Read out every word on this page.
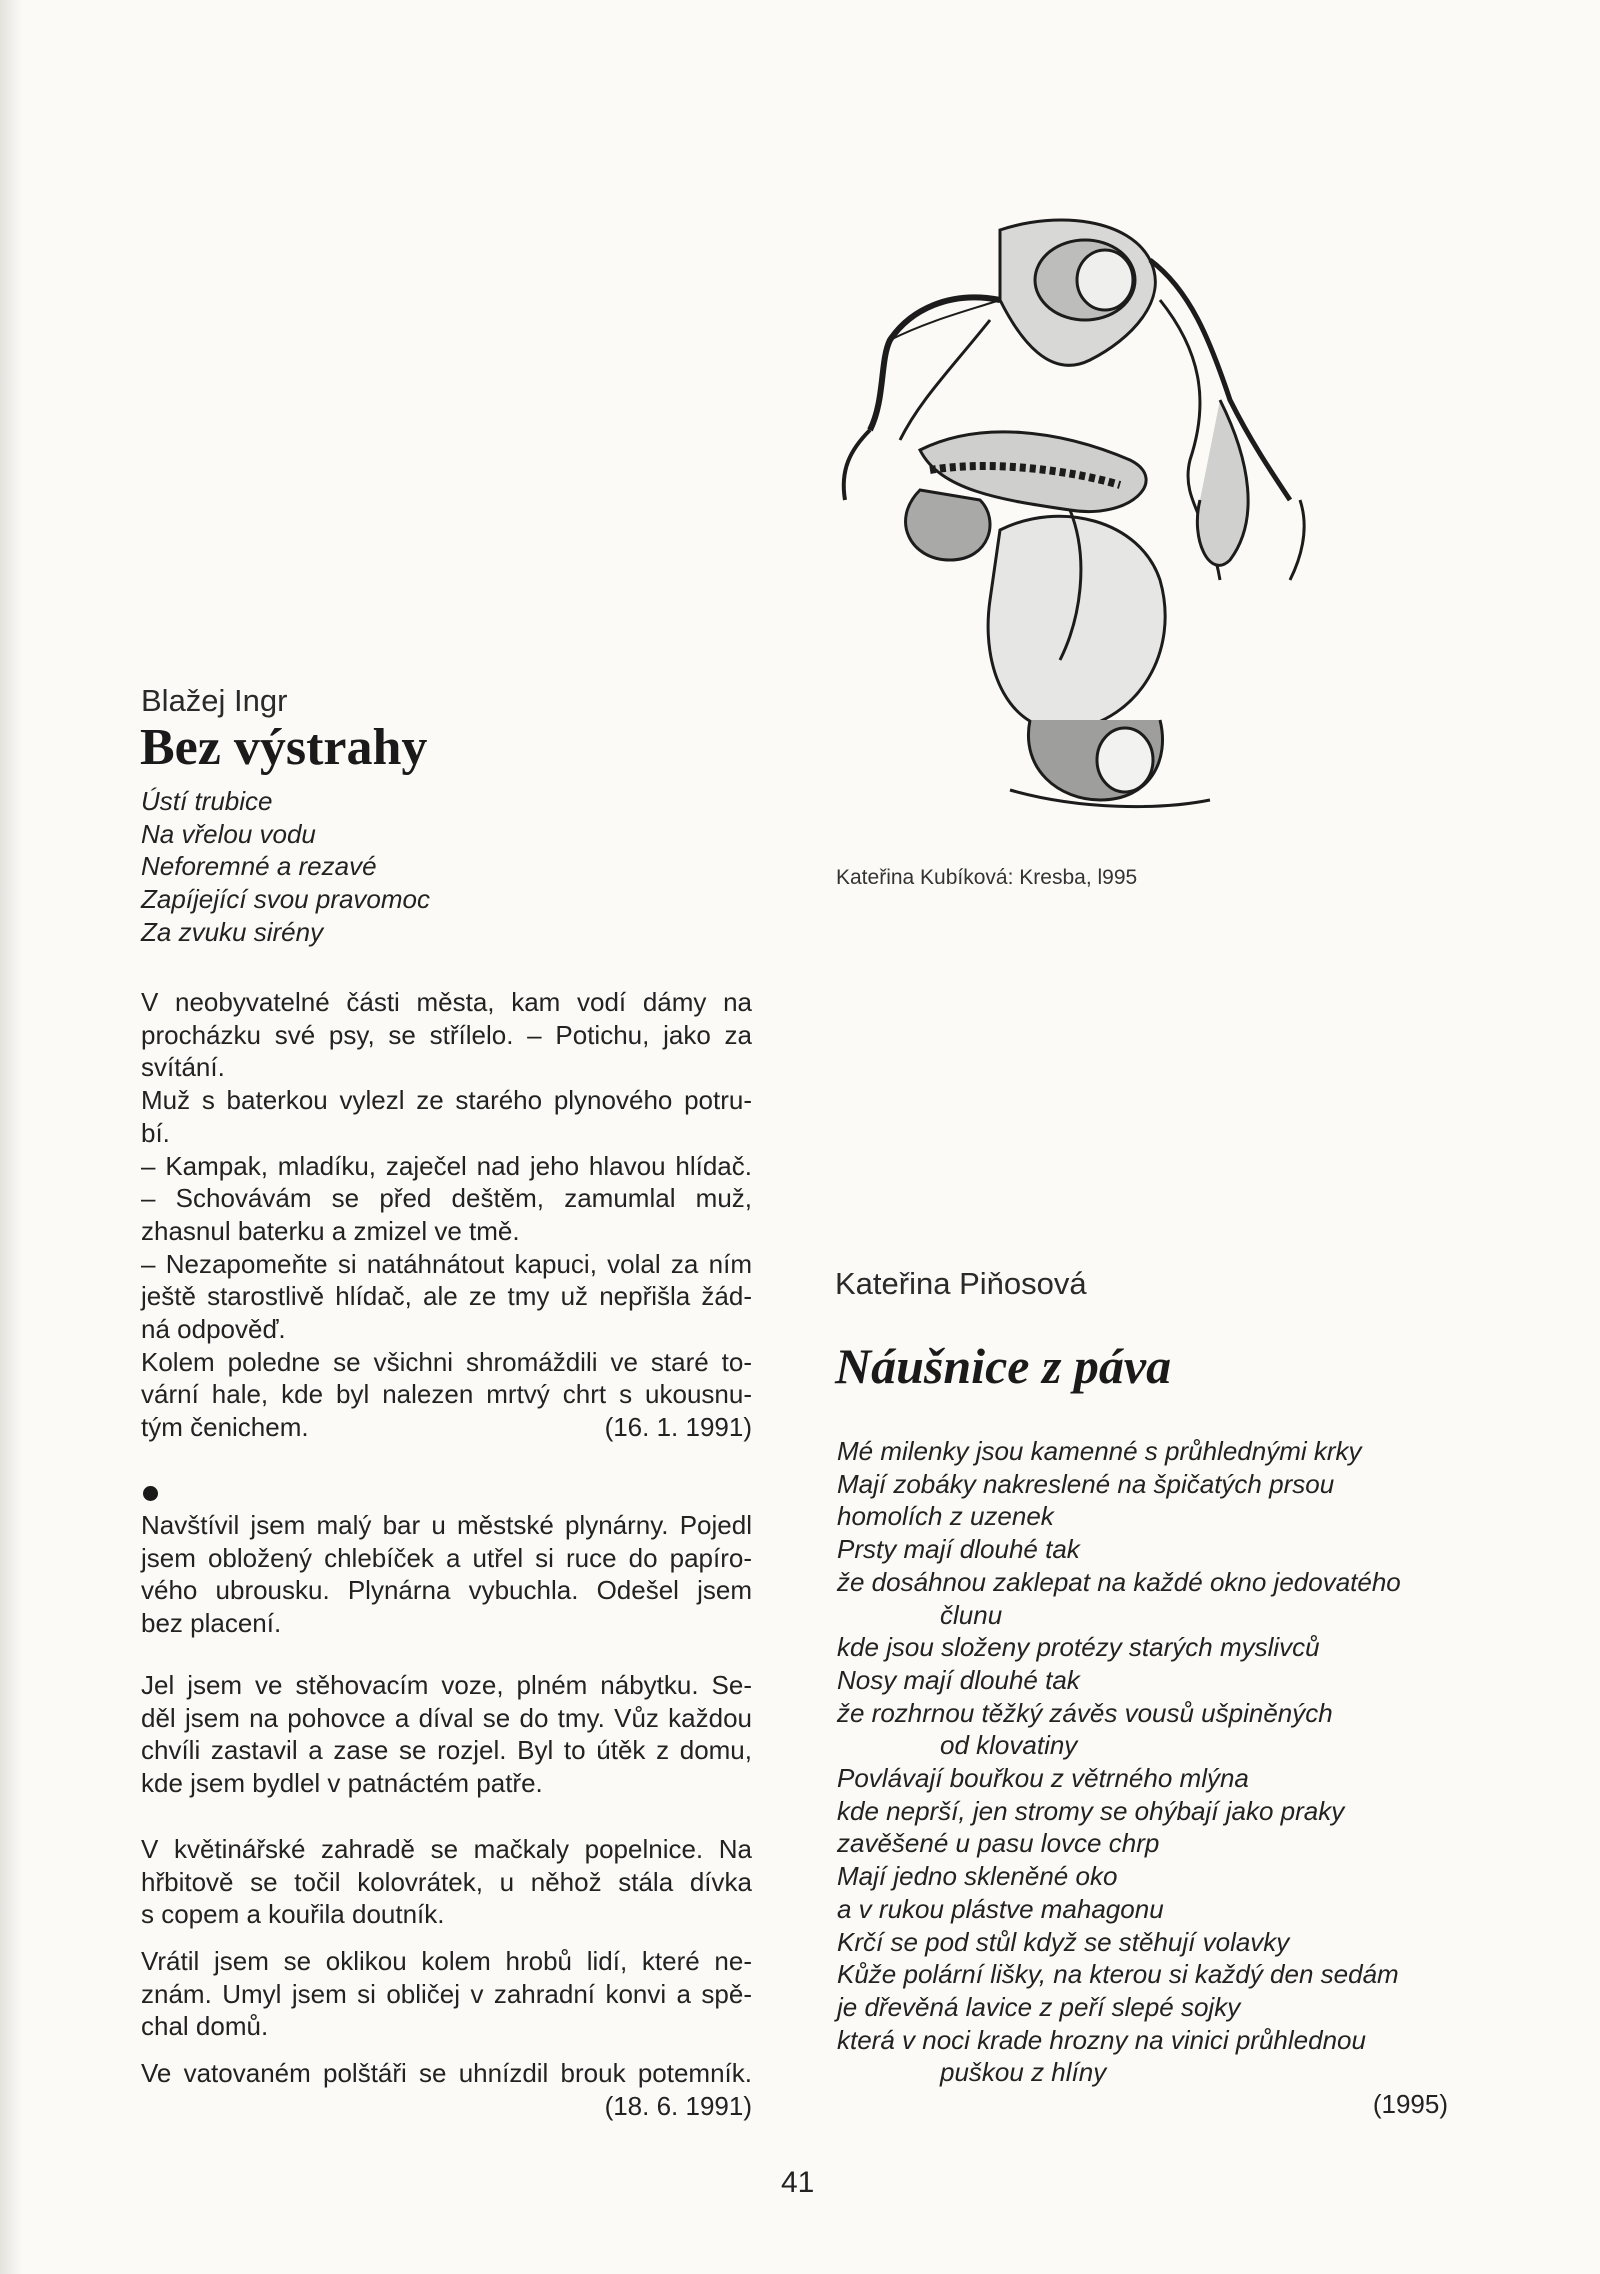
Blažej Ingr
Bez výstrahy
Ústí trubice
Na vřelou vodu
Neforemné a rezavé
Zapíjející svou pravomoc
Za zvuku sirény
V neobyvatelné části města, kam vodí dámy na
procházku své psy, se střílelo. – Potichu, jako za
svítání.
Muž s baterkou vylezl ze starého plynového potru-
bí.
– Kampak, mladíku, zaječel nad jeho hlavou hlídač.
– Schovávám se před deštěm, zamumlal muž,
zhasnul baterku a zmizel ve tmě.
– Nezapomeňte si natáhnátout kapuci, volal za ním
ještě starostlivě hlídač, ale ze tmy už nepřišla žád-
ná odpověď.
Kolem poledne se všichni shromáždili ve staré to-
vární hale, kde byl nalezen mrtvý chrt s ukousnu-
tým čenichem.	(16. 1. 1991)
Navštívil jsem malý bar u městské plynárny. Pojedl
jsem obložený chlebíček a utřel si ruce do papíro-
vého ubrousku. Plynárna vybuchla. Odešel jsem
bez placení.
Jel jsem ve stěhovacím voze, plném nábytku. Se-
děl jsem na pohovce a díval se do tmy. Vůz každou
chvíli zastavil a zase se rozjel. Byl to útěk z domu,
kde jsem bydlel v patnáctém patře.
V květinářské zahradě se mačkaly popelnice. Na
hřbitově se točil kolovrátek, u něhož stála dívka
s copem a kouřila doutník.
Vrátil jsem se oklikou kolem hrobů lidí, které ne-
znám. Umyl jsem si obličej v zahradní konvi a spě-
chal domů.
Ve vatovaném polštáři se uhnízdil brouk potemník.
(18. 6. 1991)
Kateřina Kubíková: Kresba, l995
Kateřina Piňosová
Náušnice z páva
Mé milenky jsou kamenné s průhlednými krky
Mají zobáky nakreslené na špičatých prsou
homolích z uzenek
Prsty mají dlouhé tak
že dosáhnou zaklepat na každé okno jedovatého
člunu
kde jsou složeny protézy starých myslivců
Nosy mají dlouhé tak
že rozhrnou těžký závěs vousů ušpiněných
od klovatiny
Povlávají bouřkou z větrného mlýna
kde neprší, jen stromy se ohýbají jako praky
zavěšené u pasu lovce chrp
Mají jedno skleněné oko
a v rukou plástve mahagonu
Krčí se pod stůl když se stěhují volavky
Kůže polární lišky, na kterou si každý den sedám
je dřevěná lavice z peří slepé sojky
která v noci krade hrozny na vinici průhlednou
puškou z hlíny
(1995)
41
